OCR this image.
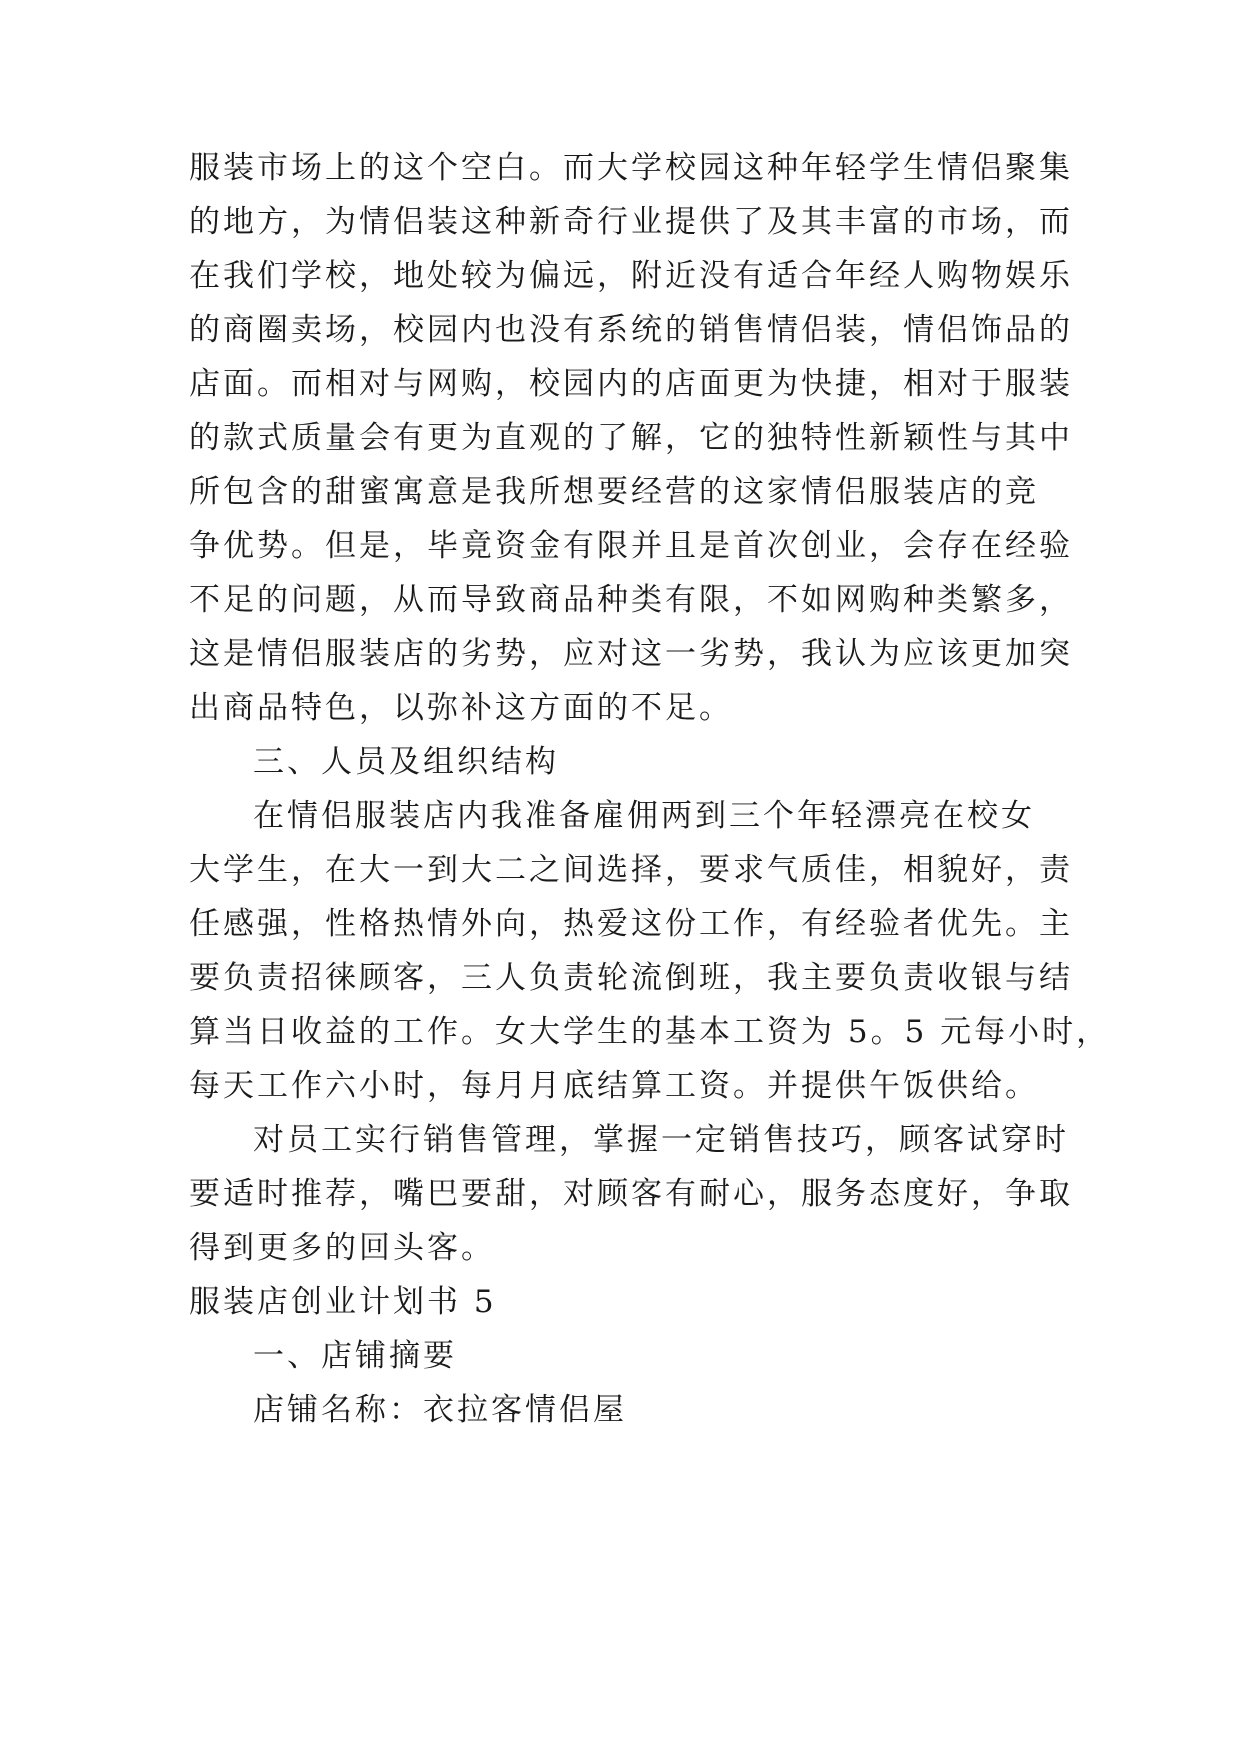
服装市场上的这个空白。而大学校园这种年轻学生情侣聚集
的地方，为情侣装这种新奇行业提供了及其丰富的市场，而
在我们学校，地处较为偏远，附近没有适合年经人购物娱乐
的商圈卖场，校园内也没有系统的销售情侣装，情侣饰品的
店面。而相对与网购，校园内的店面更为快捷，相对于服装
的款式质量会有更为直观的了解，它的独特性新颖性与其中
所包含的甜蜜寓意是我所想要经营的这家情侣服装店的竞
争优势。但是，毕竟资金有限并且是首次创业，会存在经验
不足的问题，从而导致商品种类有限，不如网购种类繁多，
这是情侣服装店的劣势，应对这一劣势，我认为应该更加突
出商品特色，以弥补这方面的不足。
三、人员及组织结构
在情侣服装店内我准备雇佣两到三个年轻漂亮在校女
大学生，在大一到大二之间选择，要求气质佳，相貌好，责
任感强，性格热情外向，热爱这份工作，有经验者优先。主
要负责招徕顾客，三人负责轮流倒班，我主要负责收银与结
算当日收益的工作。女大学生的基本工资为 5。5 元每小时，
每天工作六小时，每月月底结算工资。并提供午饭供给。
对员工实行销售管理，掌握一定销售技巧，顾客试穿时
要适时推荐，嘴巴要甜，对顾客有耐心，服务态度好，争取
得到更多的回头客。
服装店创业计划书 5
一、店铺摘要
店铺名称：衣拉客情侣屋
